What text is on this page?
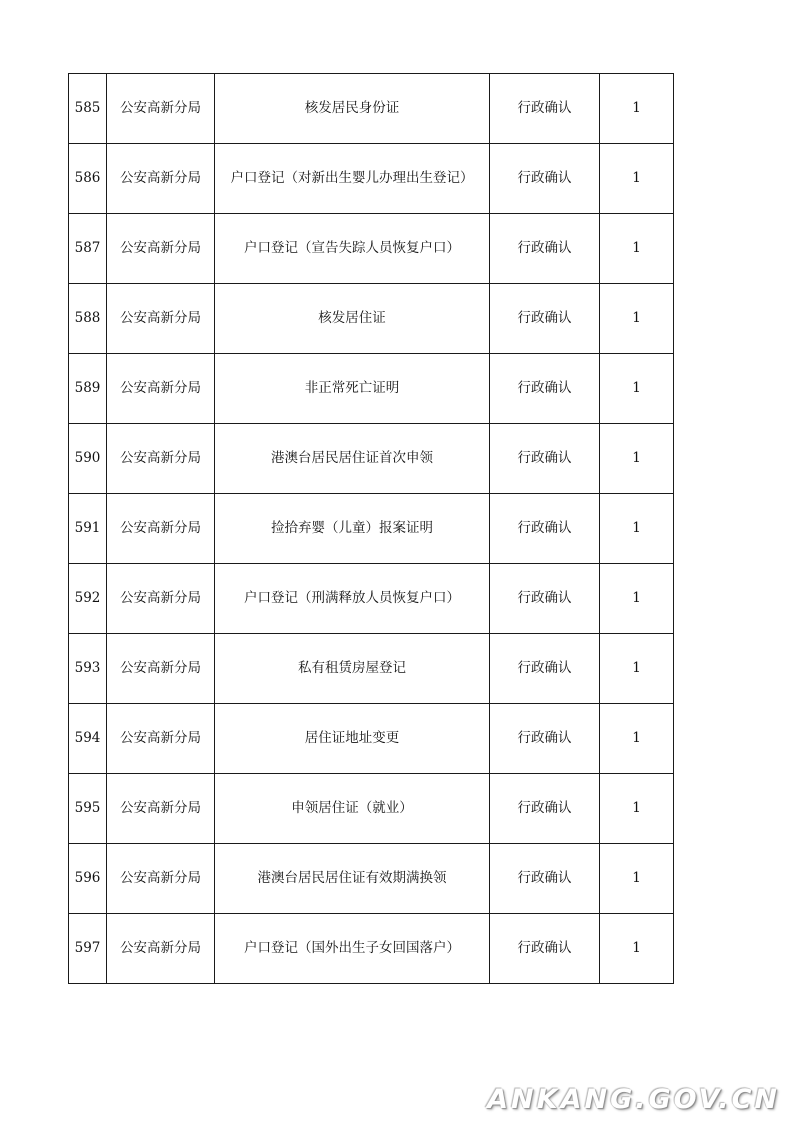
585	公安高新分局	核发居民身份证	行政确认	1
586	公安高新分局	户口登记（对新出生婴儿办理出生登记）	行政确认	1
587	公安高新分局	户口登记（宣告失踪人员恢复户口）	行政确认	1
588	公安高新分局	核发居住证	行政确认	1
589	公安高新分局	非正常死亡证明	行政确认	1
590	公安高新分局	港澳台居民居住证首次申领	行政确认	1
591	公安高新分局	捡拾弃婴（儿童）报案证明	行政确认	1
592	公安高新分局	户口登记（刑满释放人员恢复户口）	行政确认	1
593	公安高新分局	私有租赁房屋登记	行政确认	1
594	公安高新分局	居住证地址变更	行政确认	1
595	公安高新分局	申领居住证（就业）	行政确认	1
596	公安高新分局	港澳台居民居住证有效期满换领	行政确认	1
597	公安高新分局	户口登记（国外出生子女回国落户）	行政确认	1
ANKANG.GOV.CN
